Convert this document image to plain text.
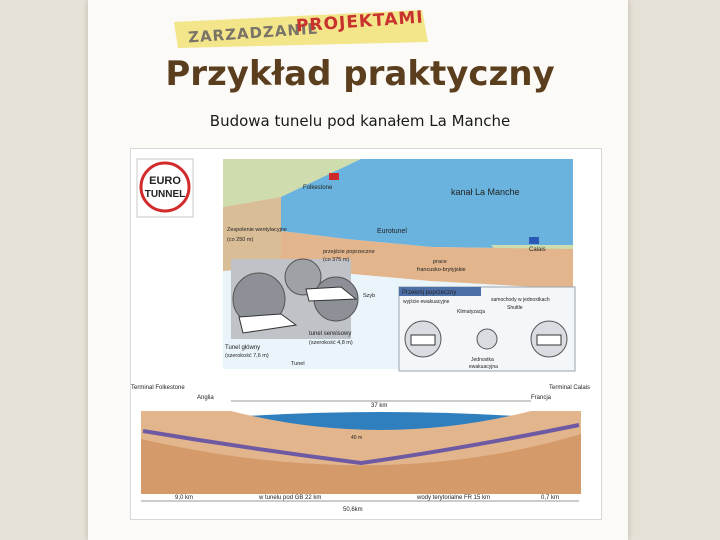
ZARZADZANIE
PROJEKTAMI
Przykład praktyczny
Budowa tunelu pod kanałem La Manche
EURO
TUNNEL
Folkestone	kanał La Manche
Calais
Eurotunel
Zespolenie wentylacyjne
(co 250 m)
przejście poprzeczne
(co 375 m)	prace
francusko-brytyjskie
Szyb
tunel serwisowy
(szerokość 4,8 m)
Tunel główny
(szerokość 7,6 m)
Tunel
Przekrój poprzeczny
wyjście ewakuacyjne	samochody w jednostkach
Klimatyzacja
Shuttle
Jednostka
ewakuacyjna
Terminal Folkestone	Terminal Calais
Anglia	Francja
37 km
40 m
9,0 km	w tunelu pod GB 22 km	wody terytorialne FR 15 km	0,7 km
50,6km
